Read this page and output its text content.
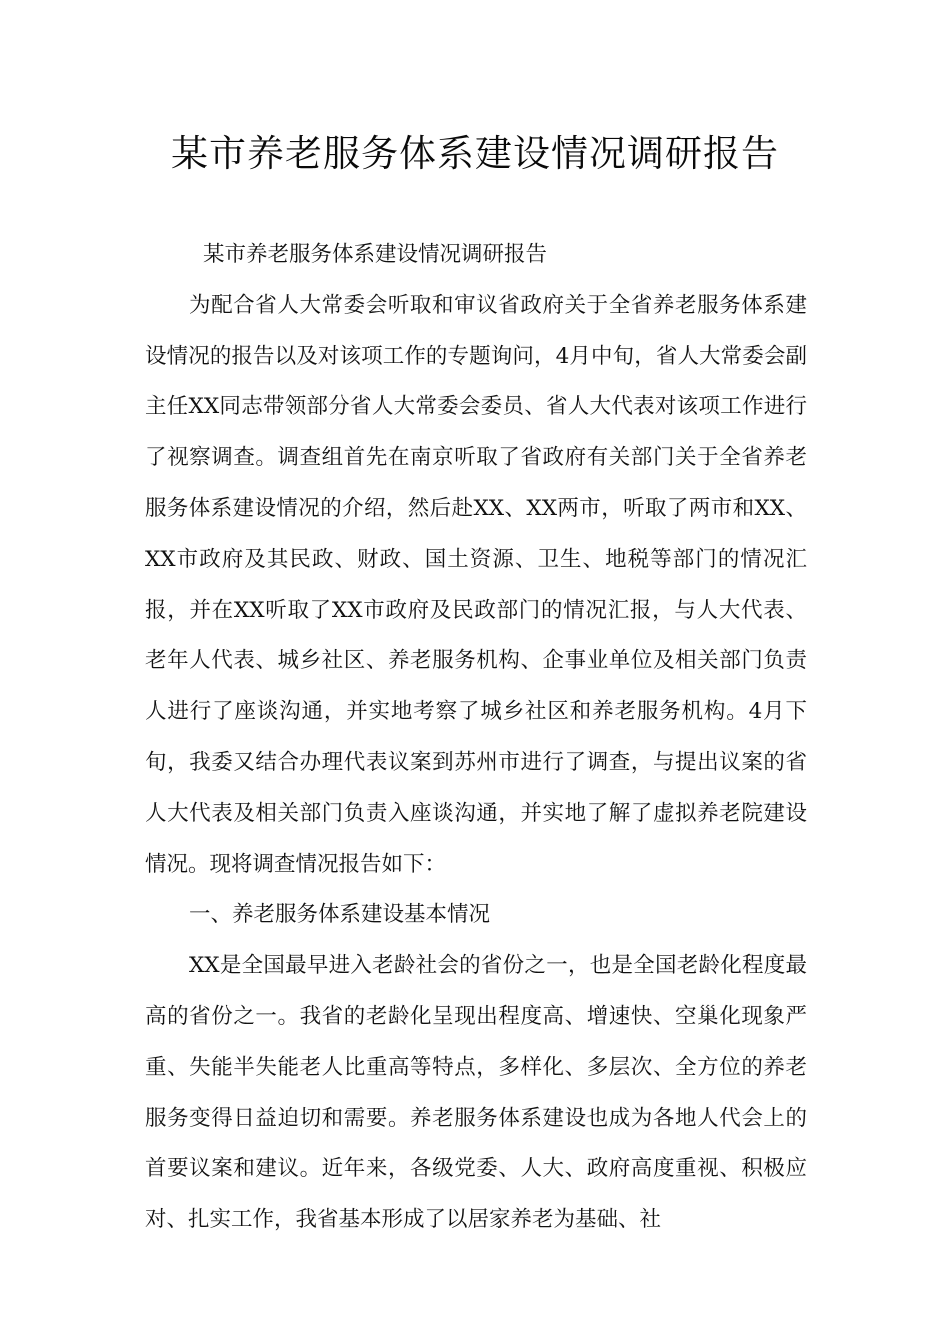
某市养老服务体系建设情况调研报告

某市养老服务体系建设情况调研报告

为配合省人大常委会听取和审议省政府关于全省养老服务体系建设情况的报告以及对该项工作的专题询问，4月中旬，省人大常委会副主任XX同志带领部分省人大常委会委员、省人大代表对该项工作进行了视察调查。调查组首先在南京听取了省政府有关部门关于全省养老服务体系建设情况的介绍，然后赴XX、XX两市，听取了两市和XX、XX市政府及其民政、财政、国土资源、卫生、地税等部门的情况汇报，并在XX听取了XX市政府及民政部门的情况汇报，与人大代表、老年人代表、城乡社区、养老服务机构、企事业单位及相关部门负责人进行了座谈沟通，并实地考察了城乡社区和养老服务机构。4月下旬，我委又结合办理代表议案到苏州市进行了调查，与提出议案的省人大代表及相关部门负责入座谈沟通，并实地了解了虚拟养老院建设情况。现将调查情况报告如下：

一、养老服务体系建设基本情况

XX是全国最早进入老龄社会的省份之一，也是全国老龄化程度最高的省份之一。我省的老龄化呈现出程度高、增速快、空巢化现象严重、失能半失能老人比重高等特点，多样化、多层次、全方位的养老服务变得日益迫切和需要。养老服务体系建设也成为各地人代会上的首要议案和建议。近年来，各级党委、人大、政府高度重视、积极应对、扎实工作，我省基本形成了以居家养老为基础、社
